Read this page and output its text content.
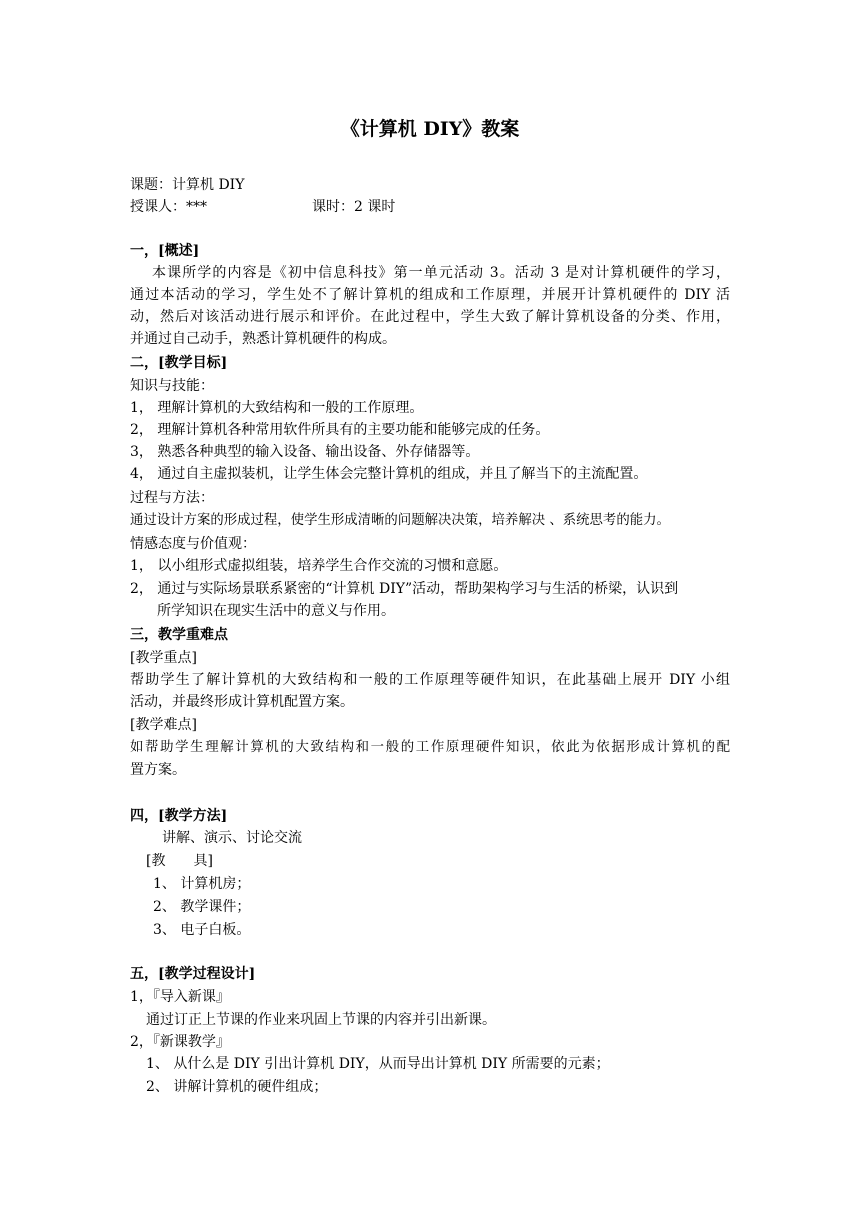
《计算机 DIY》教案
课题：计算机 DIY
授课人：***	课时：2 课时
一，[概述]
本课所学的内容是《初中信息科技》第一单元活动 3。活动 3 是对计算机硬件的学习，
通过本活动的学习，学生处不了解计算机的组成和工作原理，并展开计算机硬件的 DIY 活
动，然后对该活动进行展示和评价。在此过程中，学生大致了解计算机设备的分类、作用，
并通过自己动手，熟悉计算机硬件的构成。
二，[教学目标]
知识与技能：
1， 理解计算机的大致结构和一般的工作原理。
2， 理解计算机各种常用软件所具有的主要功能和能够完成的任务。
3， 熟悉各种典型的输入设备、输出设备、外存储器等。
4， 通过自主虚拟装机，让学生体会完整计算机的组成，并且了解当下的主流配置。
过程与方法：
通过设计方案的形成过程，使学生形成清晰的问题解决决策，培养解决 、系统思考的能力。
情感态度与价值观：
1， 以小组形式虚拟组装，培养学生合作交流的习惯和意愿。
2， 通过与实际场景联系紧密的“计算机 DIY”活动，帮助架构学习与生活的桥梁，认识到
所学知识在现实生活中的意义与作用。
三，教学重难点
[教学重点]
帮助学生了解计算机的大致结构和一般的工作原理等硬件知识，在此基础上展开 DIY 小组
活动，并最终形成计算机配置方案。
[教学难点]
如帮助学生理解计算机的大致结构和一般的工作原理硬件知识，依此为依据形成计算机的配
置方案。
四，[教学方法]
讲解、演示、讨论交流
[教　　具]
1、 计算机房；
2、 教学课件；
3、 电子白板。
五，[教学过程设计]
1，『导入新课』
通过订正上节课的作业来巩固上节课的内容并引出新课。
2，『新课教学』
1、 从什么是 DIY 引出计算机 DIY，从而导出计算机 DIY 所需要的元素；
2、 讲解计算机的硬件组成；
